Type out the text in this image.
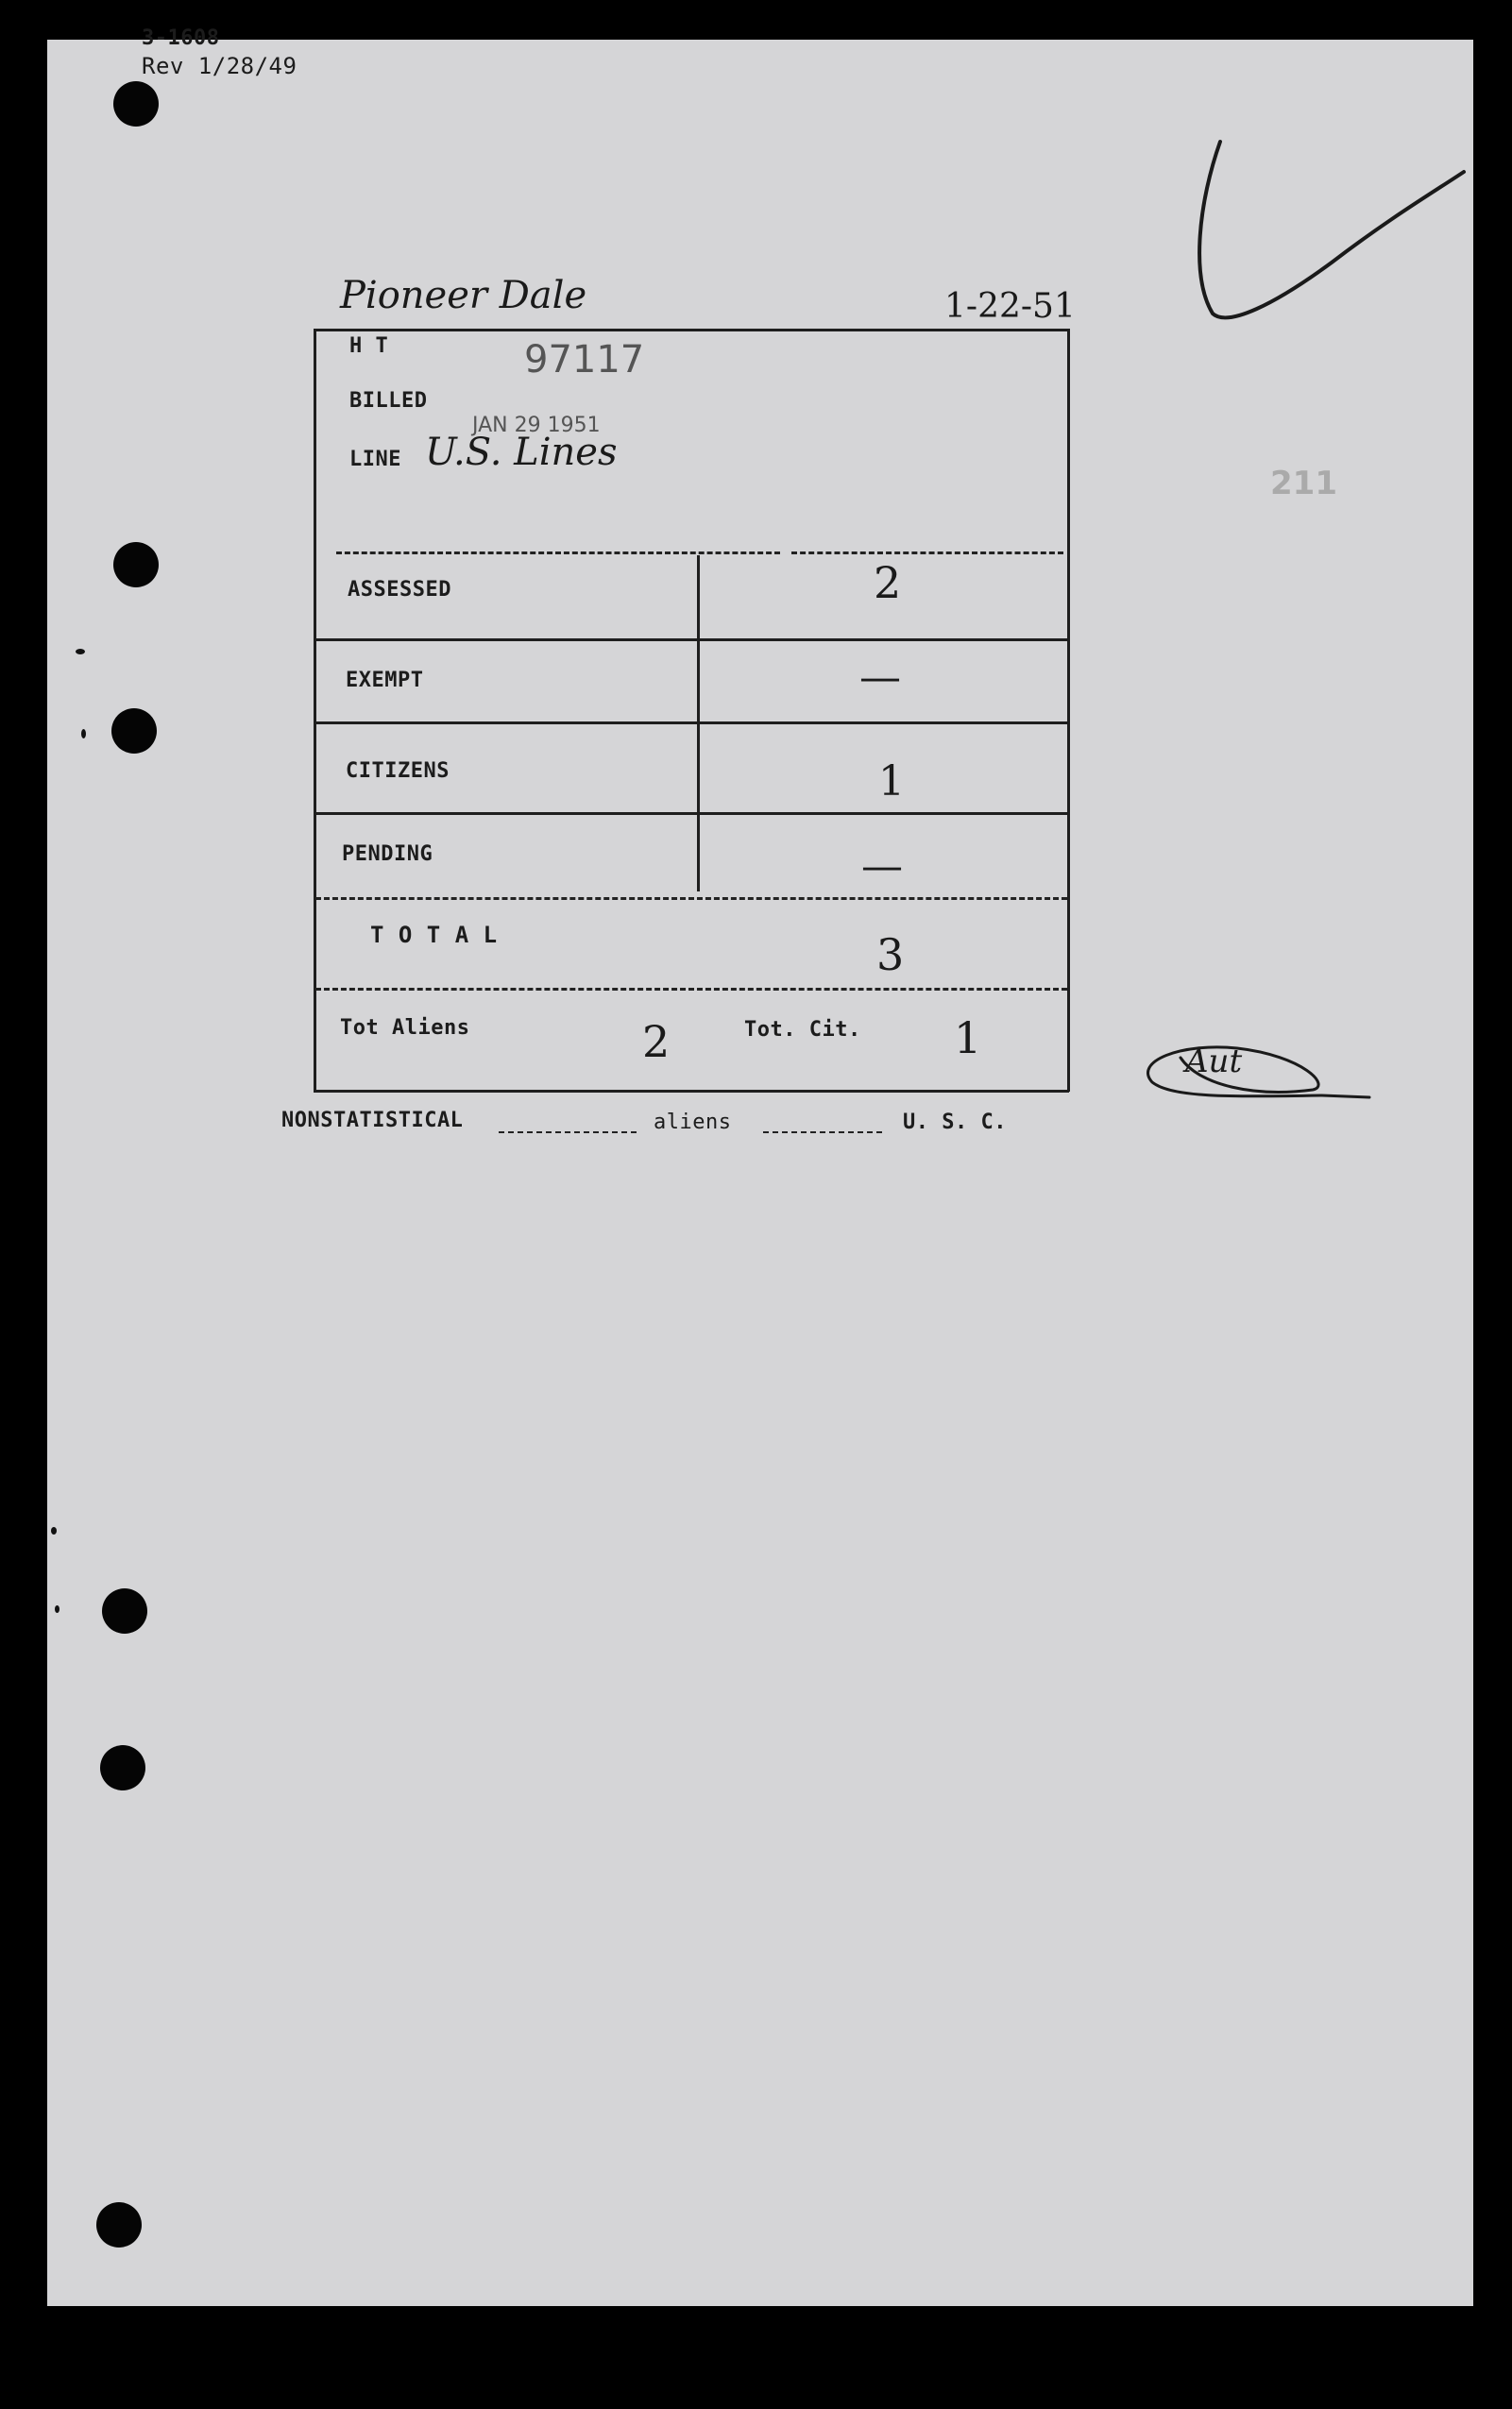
3-1608
Rev 1/28/49
Pioneer Dale	1-22-51
211
H T	97117
BILLED
JAN 29 1951
LINE U.S. Lines
ASSESSED	2
EXEMPT	—
CITIZENS	1
PENDING	—
T O T A L	3
Tot Aliens	2	Tot. Cit. 1	Aut
NONSTATISTICAL	aliens	U. S. C.
